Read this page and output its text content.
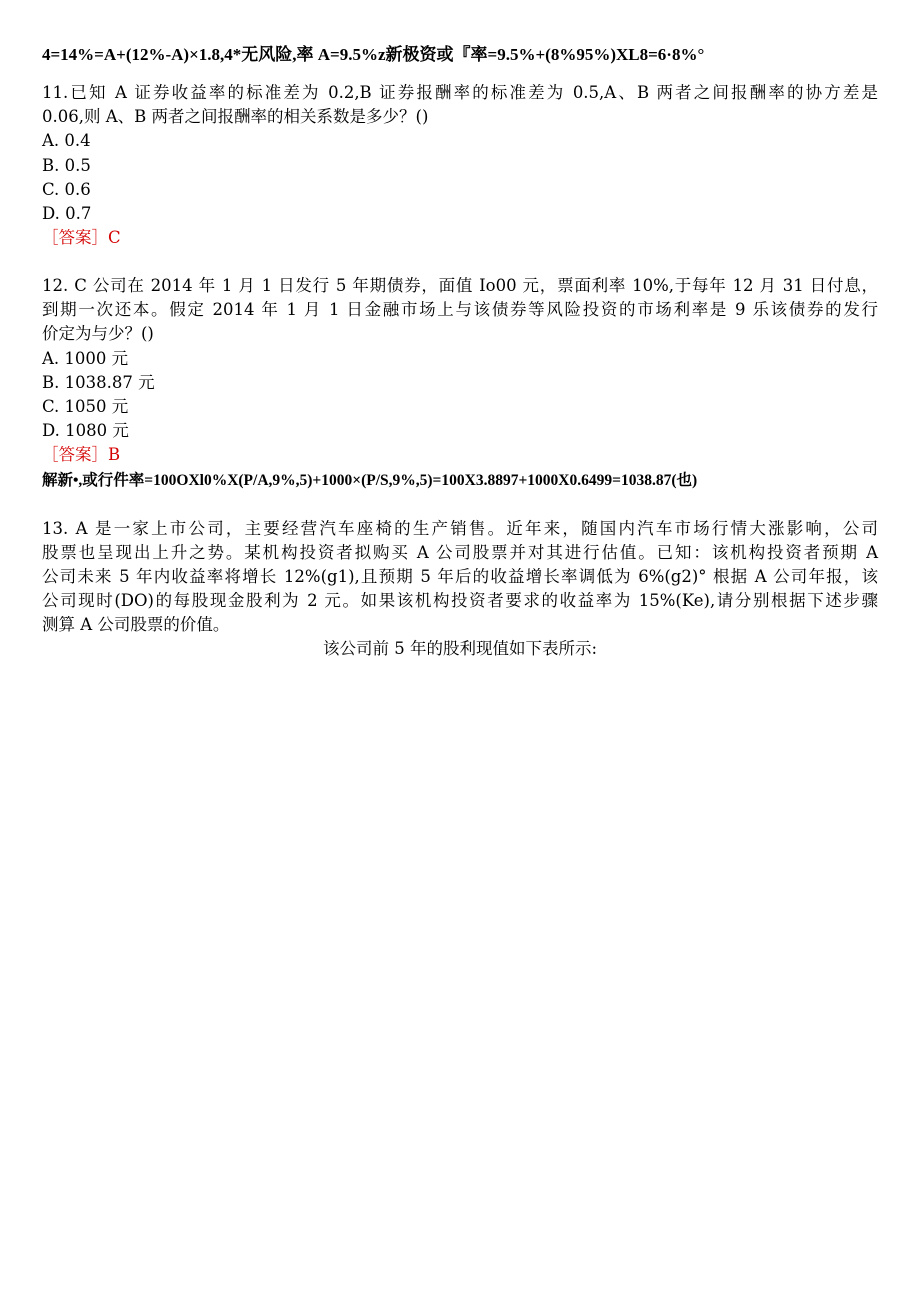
4=14%=A+(12%-A)×1.8,4*无风险,率 A=9.5%z新极资或『率=9.5%+(8%95%)XL8=6·8%°
11.已知 A 证券收益率的标准差为 0.2,B 证券报酬率的标准差为 0.5,A、B 两者之间报酬率的协方差是
0.06,则 A、B 两者之间报酬率的相关系数是多少？()
A. 0.4
B. 0.5
C. 0.6
D. 0.7
［答案］C
12. C 公司在 2014 年 1 月 1 日发行 5 年期债券，面值 Io00 元，票面利率 10%,于每年 12 月 31 日付息，
到期一次还本。假定 2014 年 1 月 1 日金融市场上与该债券等风险投资的市场利率是 9 乐该债券的发行
价定为与少？()
A. 1000 元
B. 1038.87 元
C. 1050 元
D. 1080 元
［答案］B
解新•,或行件率=100OXl0%X(P/A,9%,5)+1000×(P/S,9%,5)=100X3.8897+1000X0.6499=1038.87(也)
13. A 是一家上市公司，主要经营汽车座椅的生产销售。近年来，随国内汽车市场行情大涨影响，公司
股票也呈现出上升之势。某机构投资者拟购买 A 公司股票并对其进行估值。已知：该机构投资者预期 A
公司未来 5 年内收益率将增长 12%(g1),且预期 5 年后的收益增长率调低为 6%(g2)° 根据 A 公司年报，该
公司现时(DO)的每股现金股利为 2 元。如果该机构投资者要求的收益率为 15%(Ke),请分别根据下述步骤
测算 A 公司股票的价值。
该公司前 5 年的股利现值如下表所示:
